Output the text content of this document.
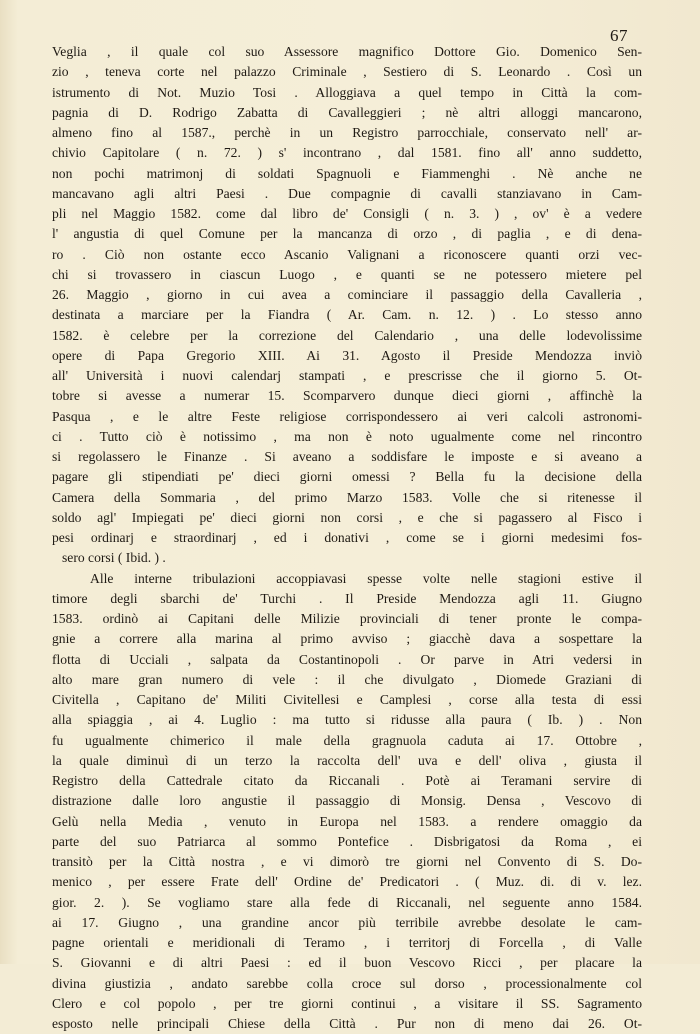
67

Veglia , il quale col suo Assessore magnifico Dottore Gio. Domenico Sen-

zio , teneva corte nel palazzo Criminale , Sestiero di S. Leonardo . Così un

istrumento di Not. Muzio Tosi . Alloggiava a quel tempo in Città la com-

pagnia di D. Rodrigo Zabatta di Cavalleggieri ; nè altri alloggi mancarono,

almeno fino al 1587., perchè in un Registro parrocchiale, conservato nell' ar-

chivio Capitolare ( n. 72. ) s' incontrano , dal 1581. fino all' anno suddetto,

non pochi matrimonj di soldati Spagnuoli e Fiammenghi . Nè anche ne

mancavano agli altri Paesi . Due compagnie di cavalli stanziavano in Cam-

pli nel Maggio 1582. come dal libro de' Consigli ( n. 3. ) , ov' è a vedere

l' angustia di quel Comune per la mancanza di orzo , di paglia , e di dena-

ro . Ciò non ostante ecco Ascanio Valignani a riconoscere quanti orzi vec-

chi si trovassero in ciascun Luogo , e quanti se ne potessero mietere pel

26. Maggio , giorno in cui avea a cominciare il passaggio della Cavalleria ,

destinata a marciare per la Fiandra ( Ar. Cam. n. 12. ) . Lo stesso anno

1582. è celebre per la correzione del Calendario , una delle lodevolissime

opere di Papa Gregorio XIII. Ai 31. Agosto il Preside Mendozza inviò

all' Università i nuovi calendarj stampati , e prescrisse che il giorno 5. Ot-

tobre si avesse a numerar 15. Scomparvero dunque dieci giorni , affinchè la

Pasqua , e le altre Feste religiose corrispondessero ai veri calcoli astronomi-

ci . Tutto ciò è notissimo , ma non è noto ugualmente come nel rincontro

si regolassero le Finanze . Si aveano a soddisfare le imposte e si aveano a

pagare gli stipendiati pe' dieci giorni omessi ? Bella fu la decisione della

Camera della Sommaria , del primo Marzo 1583. Volle che si ritenesse il

soldo agl' Impiegati pe' dieci giorni non corsi , e che si pagassero al Fisco i

pesi ordinarj e straordinarj , ed i donativi , come se i giorni medesimi fos-

sero corsi ( Ibid. ) .

Alle interne tribulazioni accoppiavasi spesse volte nelle stagioni estive il

timore degli sbarchi de' Turchi . Il Preside Mendozza agli 11. Giugno

1583. ordinò ai Capitani delle Milizie provinciali di tener pronte le compa-

gnie a correre alla marina al primo avviso ; giacchè dava a sospettare la

flotta di Ucciali , salpata da Costantinopoli . Or parve in Atri vedersi in

alto mare gran numero di vele : il che divulgato , Diomede Graziani di

Civitella , Capitano de' Militi Civitellesi e Camplesi , corse alla testa di essi

alla spiaggia , ai 4. Luglio : ma tutto si ridusse alla paura ( Ib. ) . Non

fu ugualmente chimerico il male della gragnuola caduta ai 17. Ottobre ,

la quale diminuì di un terzo la raccolta dell' uva e dell' oliva , giusta il

Registro della Cattedrale citato da Riccanali . Potè ai Teramani servire di

distrazione dalle loro angustie il passaggio di Monsig. Densa , Vescovo di

Gelù nella Media , venuto in Europa nel 1583. a rendere omaggio da

parte del suo Patriarca al sommo Pontefice . Disbrigatosi da Roma , ei

transitò per la Città nostra , e vi dimorò tre giorni nel Convento di S. Do-

menico , per essere Frate dell' Ordine de' Predicatori . ( Muz. di. di v. lez.

gior. 2. ). Se vogliamo stare alla fede di Riccanali, nel seguente anno 1584.

ai 17. Giugno , una grandine ancor più terribile avrebbe desolate le cam-

pagne orientali e meridionali di Teramo , i territorj di Forcella , di Valle

S. Giovanni e di altri Paesi : ed il buon Vescovo Ricci , per placare la

divina giustizia , andato sarebbe colla croce sul dorso , processionalmente col

Clero e col popolo , per tre giorni continui , a visitare il SS. Sagramento

esposto nelle principali Chiese della Città . Pur non di meno dai 26. Ot-
